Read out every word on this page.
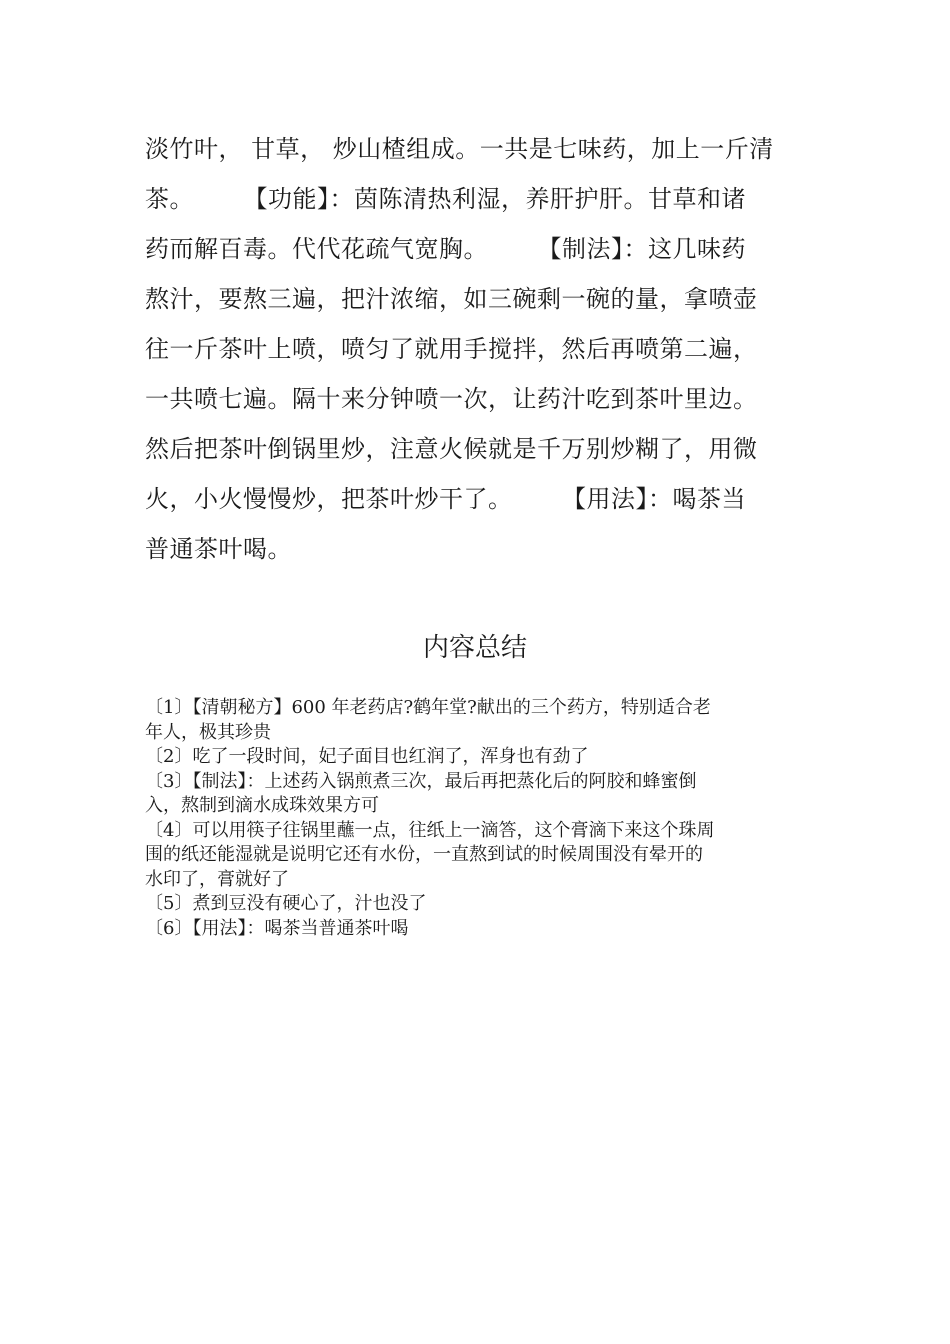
淡竹叶， 甘草， 炒山楂组成。一共是七味药，加上一斤清
茶。　　　【功能】：茵陈清热利湿，养肝护肝。甘草和诸
药而解百毒。代代花疏气宽胸。　　　【制法】：这几味药
熬汁，要熬三遍，把汁浓缩，如三碗剩一碗的量，拿喷壶
往一斤茶叶上喷，喷匀了就用手搅拌，然后再喷第二遍，
一共喷七遍。隔十来分钟喷一次，让药汁吃到茶叶里边。
然后把茶叶倒锅里炒，注意火候就是千万别炒糊了，用微
火，小火慢慢炒，把茶叶炒干了。　　　【用法】：喝茶当
普通茶叶喝。
内容总结
〔1〕【清朝秘方】600 年老药店?鹤年堂?献出的三个药方，特别适合老
年人，极其珍贵
〔2〕吃了一段时间，妃子面目也红润了，浑身也有劲了
〔3〕【制法】：上述药入锅煎煮三次，最后再把蒸化后的阿胶和蜂蜜倒
入，熬制到滴水成珠效果方可
〔4〕可以用筷子往锅里蘸一点，往纸上一滴答，这个膏滴下来这个珠周
围的纸还能湿就是说明它还有水份，一直熬到试的时候周围没有晕开的
水印了，膏就好了
〔5〕煮到豆没有硬心了，汁也没了
〔6〕【用法】：喝茶当普通茶叶喝
